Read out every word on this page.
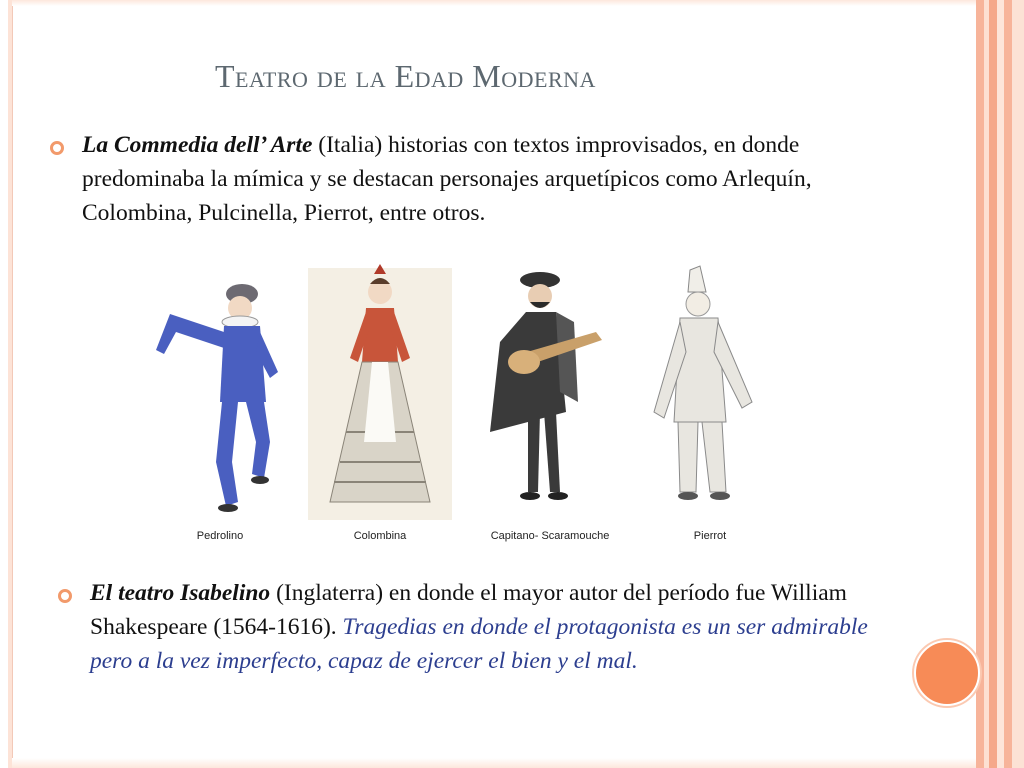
Teatro de la Edad Moderna
La Commedia dell’ Arte (Italia) historias con textos improvisados, en donde predominaba la mímica y se destacan personajes arquetípicos como Arlequín, Colombina, Pulcinella, Pierrot, entre otros.
Pedrolino	Colombina	Capitano- Scaramouche	Pierrot
El teatro Isabelino (Inglaterra) en donde el mayor autor del período fue William Shakespeare (1564-1616). Tragedias en donde el protagonista es un ser admirable pero a la vez imperfecto, capaz de ejercer el bien y el mal.
